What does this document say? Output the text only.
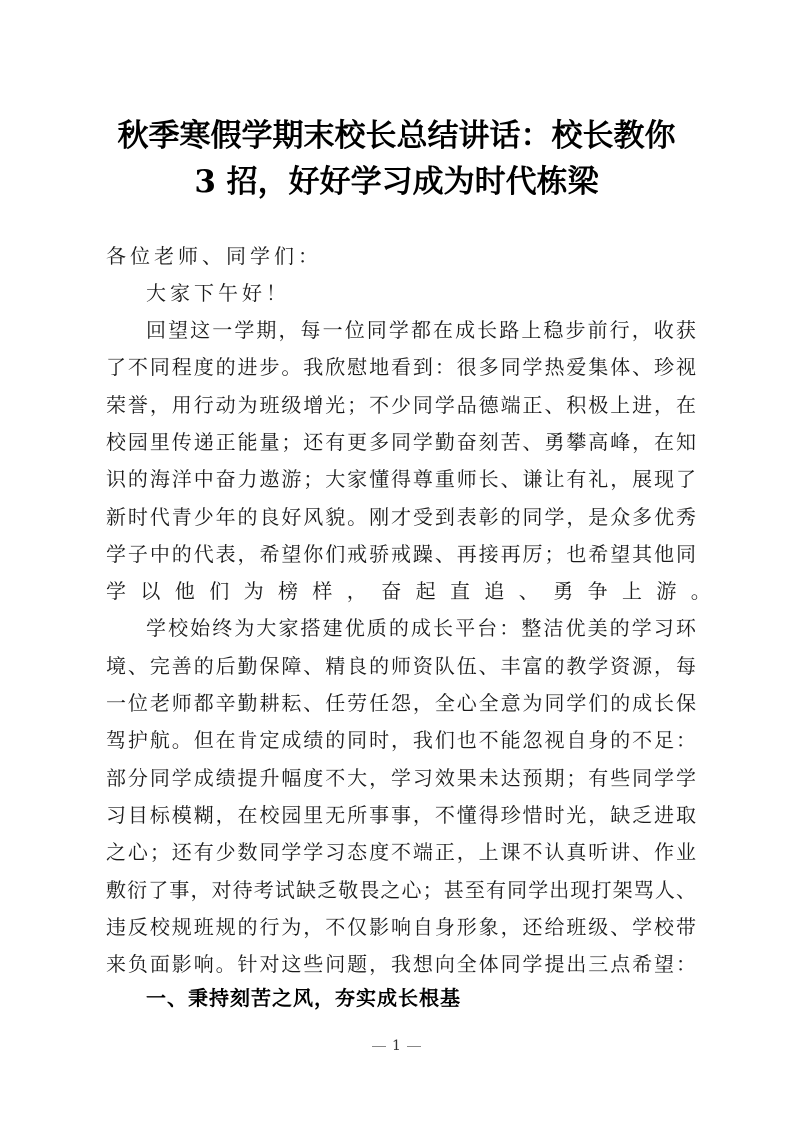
秋季寒假学期末校长总结讲话：校长教你
3 招，好好学习成为时代栋梁
各位老师、同学们：
大家下午好！
回 望 这 一 学 期 ， 每 一 位 同 学 都 在 成 长 路 上 稳 步 前 行 ， 收 获
了 不 同 程 度 的 进 步 。 我 欣 慰 地 看 到 ： 很 多 同 学 热 爱 集 体 、 珍 视
荣 誉 ， 用 行 动 为 班 级 增 光 ； 不 少 同 学 品 德 端 正 、 积 极 上 进 ， 在
校 园 里 传 递 正 能 量 ； 还 有 更 多 同 学 勤 奋 刻 苦 、 勇 攀 高 峰 ， 在 知
识 的 海 洋 中 奋 力 遨 游 ； 大 家 懂 得 尊 重 师 长 、 谦 让 有 礼 ， 展 现 了
新 时 代 青 少 年 的 良 好 风 貌 。 刚 才 受 到 表 彰 的 同 学 ， 是 众 多 优 秀
学 子 中 的 代 表 ， 希 望 你 们 戒 骄 戒 躁 、 再 接 再 厉 ； 也 希 望 其 他 同
学以他们为榜样，奋起直追、勇争上游。
学 校 始 终 为 大 家 搭 建 优 质 的 成 长 平 台 ： 整 洁 优 美 的 学 习 环
境 、 完 善 的 后 勤 保 障 、 精 良 的 师 资 队 伍 、 丰 富 的 教 学 资 源 ， 每
一 位 老 师 都 辛 勤 耕 耘 、 任 劳 任 怨 ， 全 心 全 意 为 同 学 们 的 成 长 保
驾 护 航 。 但 在 肯 定 成 绩 的 同 时 ， 我 们 也 不 能 忽 视 自 身 的 不 足 ：
部 分 同 学 成 绩 提 升 幅 度 不 大 ， 学 习 效 果 未 达 预 期 ； 有 些 同 学 学
习 目 标 模 糊 ， 在 校 园 里 无 所 事 事 ， 不 懂 得 珍 惜 时 光 ， 缺 乏 进 取
之 心 ； 还 有 少 数 同 学 学 习 态 度 不 端 正 ， 上 课 不 认 真 听 讲 、 作 业
敷 衍 了 事 ， 对 待 考 试 缺 乏 敬 畏 之 心 ； 甚 至 有 同 学 出 现 打 架 骂 人 、
违 反 校 规 班 规 的 行 为 ， 不 仅 影 响 自 身 形 象 ， 还 给 班 级 、 学 校 带
来 负 面 影 响 。 针 对 这 些 问 题 ， 我 想 向 全 体 同 学 提 出 三 点 希 望 ：
一、秉持刻苦之风，夯实成长根基
1
